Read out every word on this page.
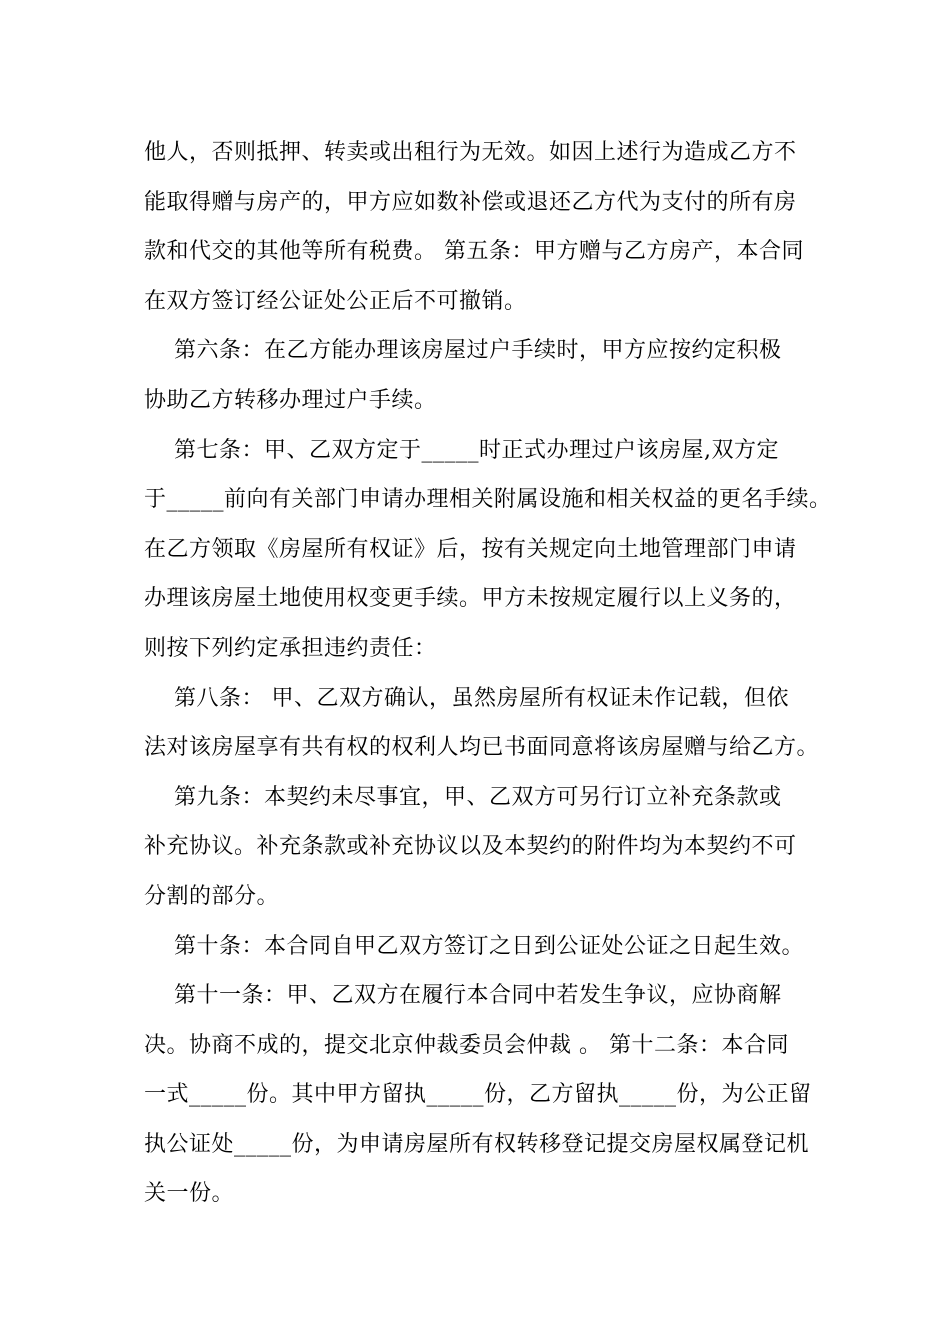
他人，否则抵押、转卖或出租行为无效。如因上述行为造成乙方不

能取得赠与房产的，甲方应如数补偿或退还乙方代为支付的所有房

款和代交的其他等所有税费。 第五条：甲方赠与乙方房产，本合同

在双方签订经公证处公正后不可撤销。

第六条：在乙方能办理该房屋过户手续时，甲方应按约定积极

协助乙方转移办理过户手续。

第七条：甲、乙双方定于_____时正式办理过户该房屋,双方定

于_____前向有关部门申请办理相关附属设施和相关权益的更名手续。

在乙方领取《房屋所有权证》后，按有关规定向土地管理部门申请

办理该房屋土地使用权变更手续。甲方未按规定履行以上义务的，

则按下列约定承担违约责任：

第八条： 甲、乙双方确认，虽然房屋所有权证未作记载，但依

法对该房屋享有共有权的权利人均已书面同意将该房屋赠与给乙方。

第九条：本契约未尽事宜，甲、乙双方可另行订立补充条款或

补充协议。补充条款或补充协议以及本契约的附件均为本契约不可

分割的部分。

第十条：本合同自甲乙双方签订之日到公证处公证之日起生效。

第十一条：甲、乙双方在履行本合同中若发生争议，应协商解

决。协商不成的，提交北京仲裁委员会仲裁 。 第十二条：本合同

一式_____份。其中甲方留执_____份，乙方留执_____份，为公正留

执公证处_____份，为申请房屋所有权转移登记提交房屋权属登记机

关一份。
